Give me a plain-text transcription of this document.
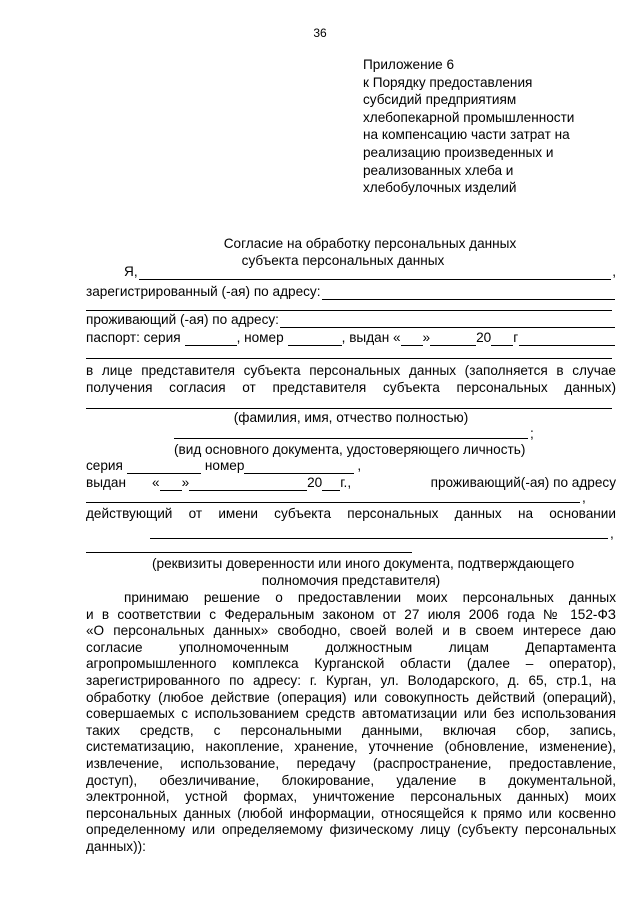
36
Приложение 6
к Порядку предоставления
субсидий предприятиям
хлебопекарной промышленности
на компенсацию части затрат на
реализацию произведенных и
реализованных хлеба и
хлебобулочных изделий
Согласие на обработку персональных данных
субъекта персональных данных
Я,	,
зарегистрированный (-ая) по адресу:
проживающий (-ая) по адресу:
паспорт: серия	, номер	, выдан « »	20 г
в лице представителя субъекта персональных данных (заполняется в случае
получения согласия от представителя субъекта персональных данных)
(фамилия, имя, отчество полностью)
;
(вид основного документа, удостоверяющего личность)
серия	номер	,
выдан « »	20 г.,	проживающий(-ая) по адресу
,
действующий от имени субъекта персональных данных на основании
,
(реквизиты доверенности или иного документа, подтверждающего
полномочия представителя)
принимаю решение о предоставлении моих персональных данных
и в соответствии с Федеральным законом от 27 июля 2006 года № 152-ФЗ
«О персональных данных» свободно, своей волей и в своем интересе даю
согласие уполномоченным должностным лицам Департамента
агропромышленного комплекса Курганской области (далее – оператор),
зарегистрированного по адресу: г. Курган, ул. Володарского, д. 65, стр.1, на
обработку (любое действие (операция) или совокупность действий (операций),
совершаемых с использованием средств автоматизации или без использования
таких средств, с персональными данными, включая сбор, запись,
систематизацию, накопление, хранение, уточнение (обновление, изменение),
извлечение, использование, передачу (распространение, предоставление,
доступ), обезличивание, блокирование, удаление в документальной,
электронной, устной формах, уничтожение персональных данных) моих
персональных данных (любой информации, относящейся к прямо или косвенно
определенному или определяемому физическому лицу (субъекту персональных
данных)):
